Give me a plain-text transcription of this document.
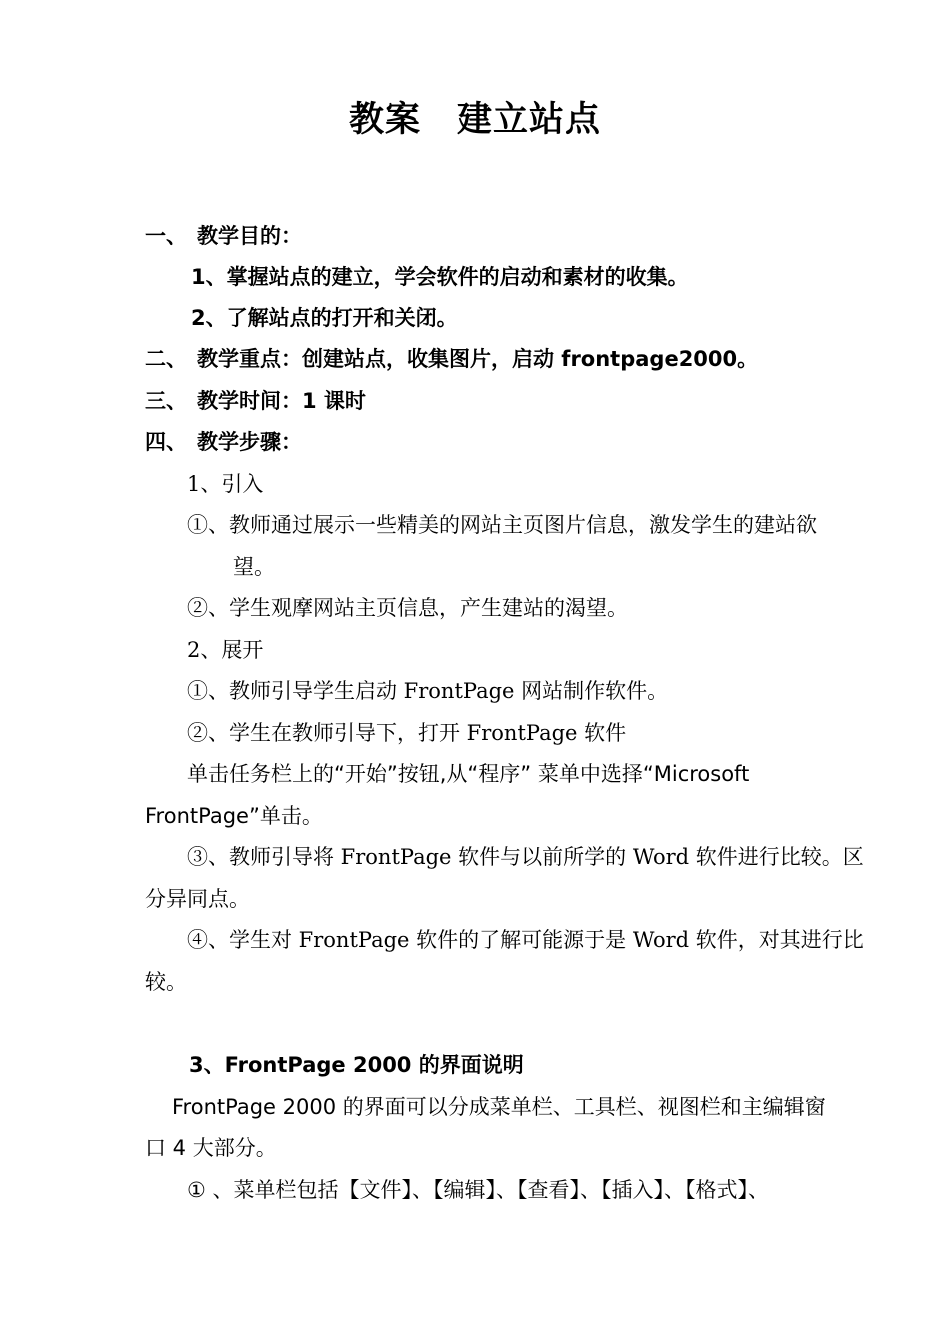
教案　建立站点
一、 教学目的：
1、掌握站点的建立，学会软件的启动和素材的收集。
2、了解站点的打开和关闭。
二、 教学重点：创建站点，收集图片，启动 frontpage2000。
三、 教学时间：1 课时
四、 教学步骤：
1、引入
①、教师通过展示一些精美的网站主页图片信息，激发学生的建站欲
望。
②、学生观摩网站主页信息，产生建站的渴望。
2、展开
①、教师引导学生启动 FrontPage 网站制作软件。
②、学生在教师引导下，打开 FrontPage 软件
单击任务栏上的“开始”按钮,从“程序” 菜单中选择“Microsoft
FrontPage”单击。
③、教师引导将 FrontPage 软件与以前所学的 Word 软件进行比较。区
分异同点。
④、学生对 FrontPage 软件的了解可能源于是 Word 软件，对其进行比
较。
3、FrontPage 2000 的界面说明
FrontPage 2000 的界面可以分成菜单栏、工具栏、视图栏和主编辑窗
口 4 大部分。
① 、菜单栏包括【文件】、【编辑】、【查看】、【插入】、【格式】、
